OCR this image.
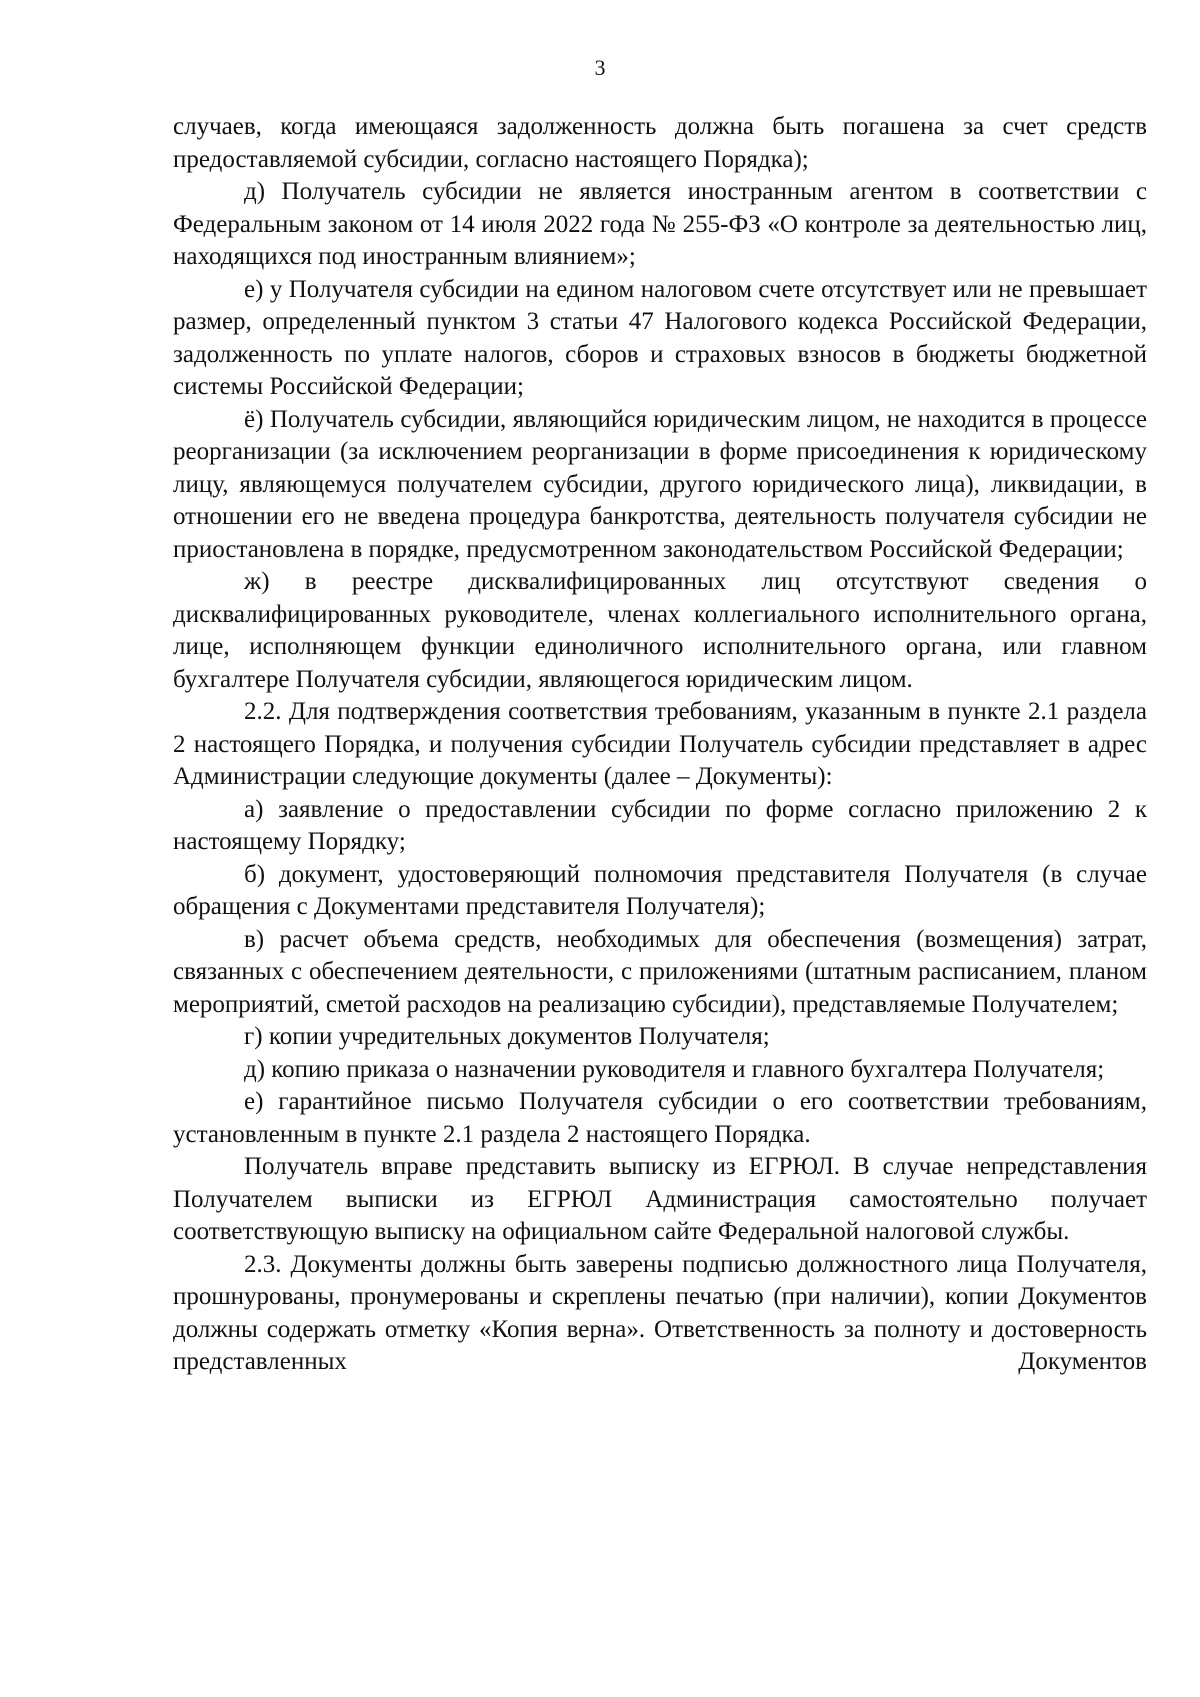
3

случаев, когда имеющаяся задолженность должна быть погашена за счет средств предоставляемой субсидии, согласно настоящего Порядка);

д) Получатель субсидии не является иностранным агентом в соответствии с Федеральным законом от 14 июля 2022 года № 255-ФЗ «О контроле за деятельностью лиц, находящихся под иностранным влиянием»;

е) у Получателя субсидии на едином налоговом счете отсутствует или не превышает размер, определенный пунктом 3 статьи 47 Налогового кодекса Российской Федерации, задолженность по уплате налогов, сборов и страховых взносов в бюджеты бюджетной системы Российской Федерации;

ё) Получатель субсидии, являющийся юридическим лицом, не находится в процессе реорганизации (за исключением реорганизации в форме присоединения к юридическому лицу, являющемуся получателем субсидии, другого юридического лица), ликвидации, в отношении его не введена процедура банкротства, деятельность получателя субсидии не приостановлена в порядке, предусмотренном законодательством Российской Федерации;

ж) в реестре дисквалифицированных лиц отсутствуют сведения о дисквалифицированных руководителе, членах коллегиального исполнительного органа, лице, исполняющем функции единоличного исполнительного органа, или главном бухгалтере Получателя субсидии, являющегося юридическим лицом.

2.2. Для подтверждения соответствия требованиям, указанным в пункте 2.1 раздела 2 настоящего Порядка, и получения субсидии Получатель субсидии представляет в адрес Администрации следующие документы (далее – Документы):

а) заявление о предоставлении субсидии по форме согласно приложению 2 к настоящему Порядку;

б) документ, удостоверяющий полномочия представителя Получателя (в случае обращения с Документами представителя Получателя);

в) расчет объема средств, необходимых для обеспечения (возмещения) затрат, связанных с обеспечением деятельности, с приложениями (штатным расписанием, планом мероприятий, сметой расходов на реализацию субсидии), представляемые Получателем;

г) копии учредительных документов Получателя;

д) копию приказа о назначении руководителя и главного бухгалтера Получателя;

е) гарантийное письмо Получателя субсидии о его соответствии требованиям, установленным в пункте 2.1 раздела 2 настоящего Порядка.

Получатель вправе представить выписку из ЕГРЮЛ. В случае непредставления Получателем выписки из ЕГРЮЛ Администрация самостоятельно получает соответствующую выписку на официальном сайте Федеральной налоговой службы.

2.3. Документы должны быть заверены подписью должностного лица Получателя, прошнурованы, пронумерованы и скреплены печатью (при наличии), копии Документов должны содержать отметку «Копия верна». Ответственность за полноту и достоверность представленных Документов
